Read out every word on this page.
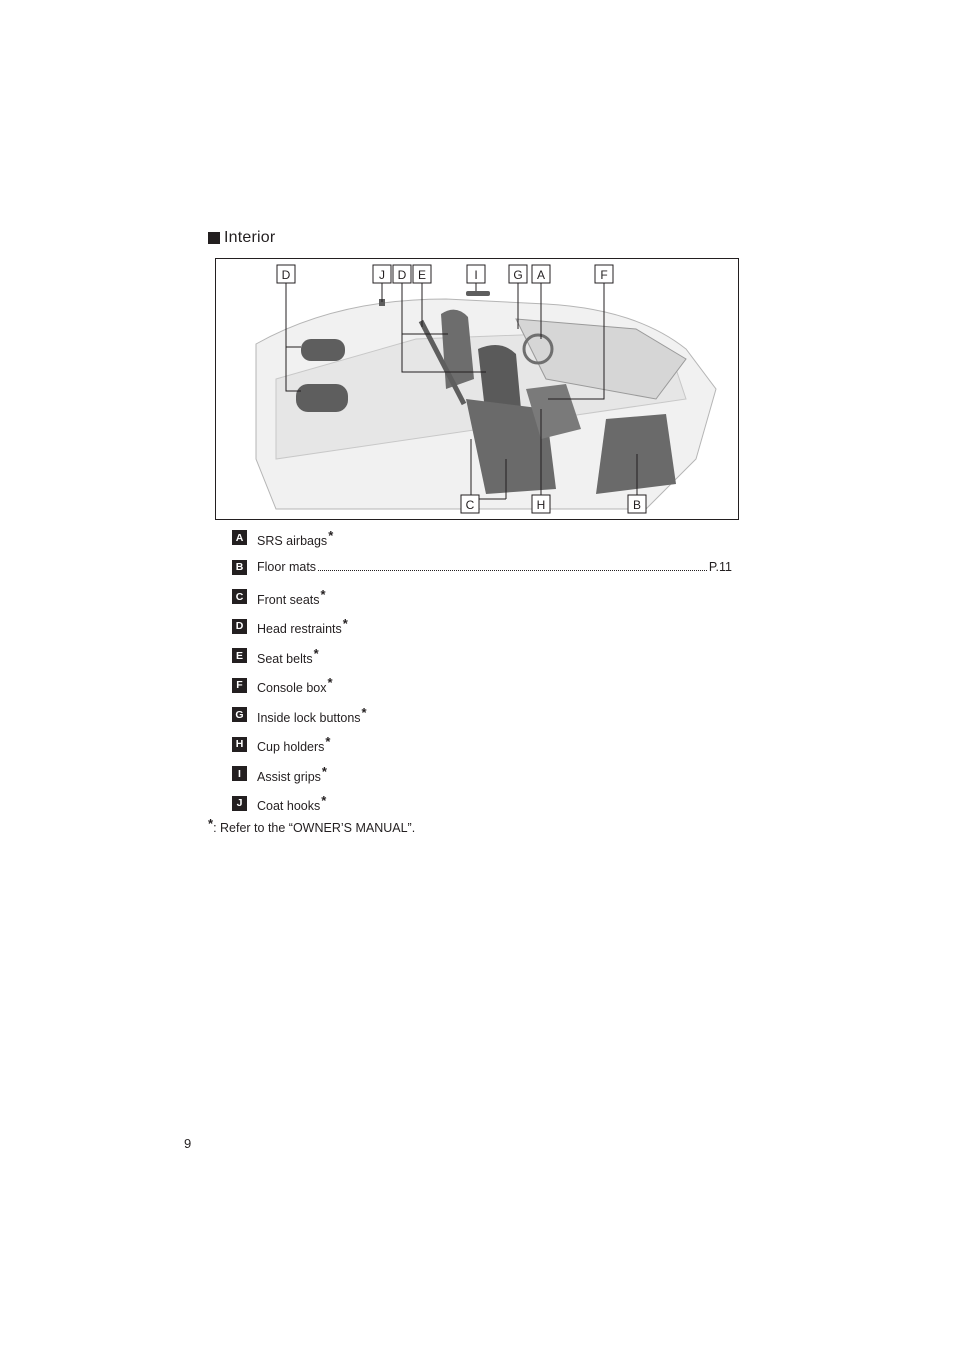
Interior
D	J D E	I	G A	F
C	H	B
A SRS airbags*
B Floor mats	P.11
C Front seats*
D Head restraints*
E	Seat belts*
F	Console box*
G Inside lock buttons*
H Cup holders*
I	Assist grips*
J	Coat hooks*
*: Refer to the “OWNER’S MANUAL”.
9
